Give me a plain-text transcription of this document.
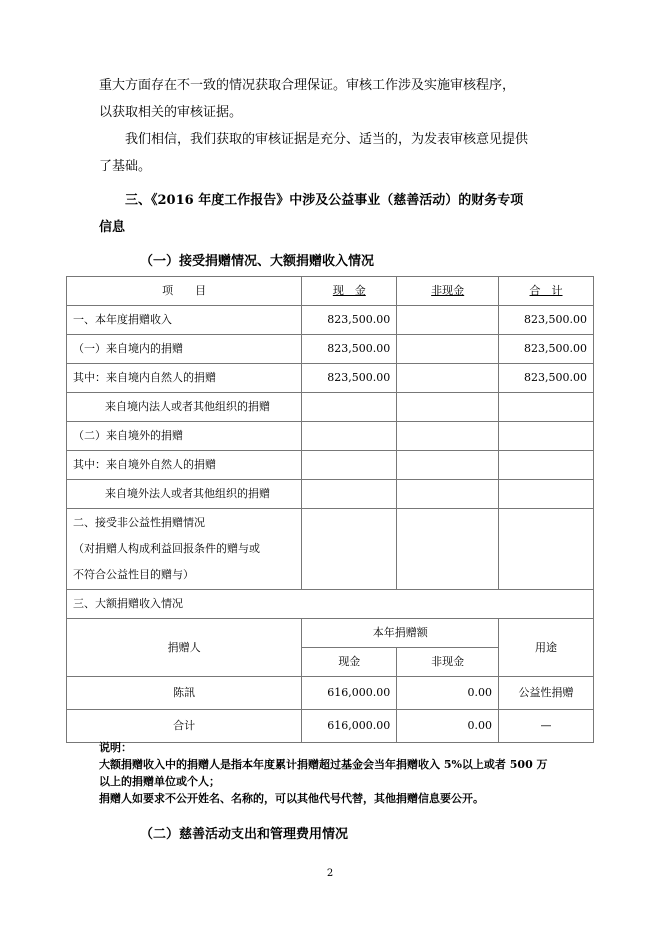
重大方面存在不一致的情况获取合理保证。审核工作涉及实施审核程序，
以获取相关的审核证据。
我们相信，我们获取的审核证据是充分、适当的，为发表审核意见提供
了基础。
三、《2016 年度工作报告》中涉及公益事业（慈善活动）的财务专项
信息
（一）接受捐赠情况、大额捐赠收入情况
项　　目	现　金	非现金	合　计
一、本年度捐赠收入	823,500.00		823,500.00
（一）来自境内的捐赠	823,500.00		823,500.00
其中：来自境内自然人的捐赠	823,500.00		823,500.00
来自境内法人或者其他组织的捐赠			
（二）来自境外的捐赠			
其中：来自境外自然人的捐赠			
来自境外法人或者其他组织的捐赠			

二、接受非公益性捐赠情况
（对捐赠人构成利益回报条件的赠与或
不符合公益性目的赠与）			

三、大额捐赠收入情况			
捐赠人	本年捐赠额		用途
	现金	非现金	
陈訊	616,000.00	0.00	公益性捐赠
合计	616,000.00	0.00	—
说明：
大额捐赠收入中的捐赠人是指本年度累计捐赠超过基金会当年捐赠收入 5%以上或者 500 万
以上的捐赠单位或个人；
捐赠人如要求不公开姓名、名称的，可以其他代号代替，其他捐赠信息要公开。
（二）慈善活动支出和管理费用情况
2
